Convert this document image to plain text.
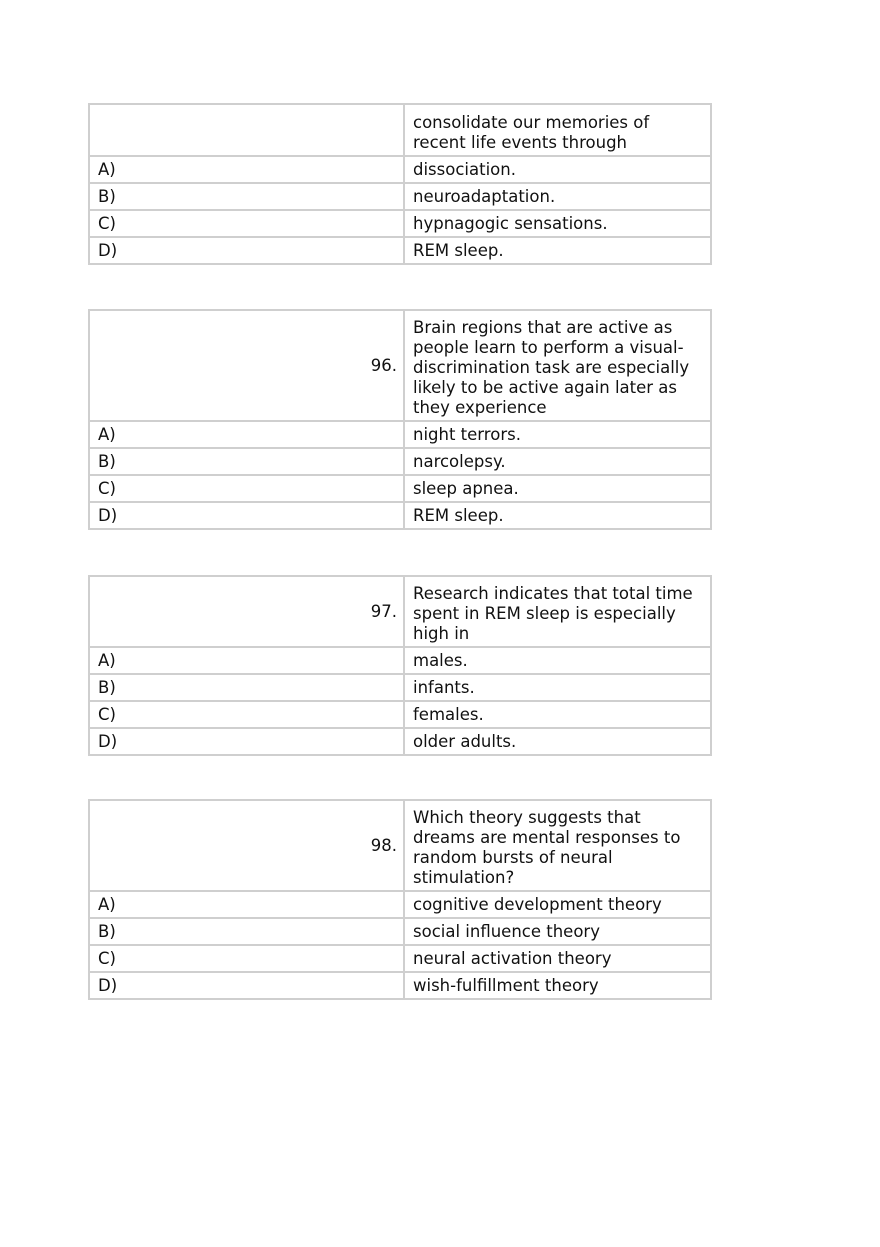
	consolidate our memories of recent life events through
A)	dissociation.
B)	neuroadaptation.
C)	hypnagogic sensations.
D)	REM sleep.
96.	Brain regions that are active as people learn to perform a visual-discrimination task are especially likely to be active again later as they experience
A)	night terrors.
B)	narcolepsy.
C)	sleep apnea.
D)	REM sleep.
97.	Research indicates that total time spent in REM sleep is especially high in
A)	males.
B)	infants.
C)	females.
D)	older adults.
98.	Which theory suggests that dreams are mental responses to random bursts of neural stimulation?
A)	cognitive development theory
B)	social influence theory
C)	neural activation theory
D)	wish-fulfillment theory
